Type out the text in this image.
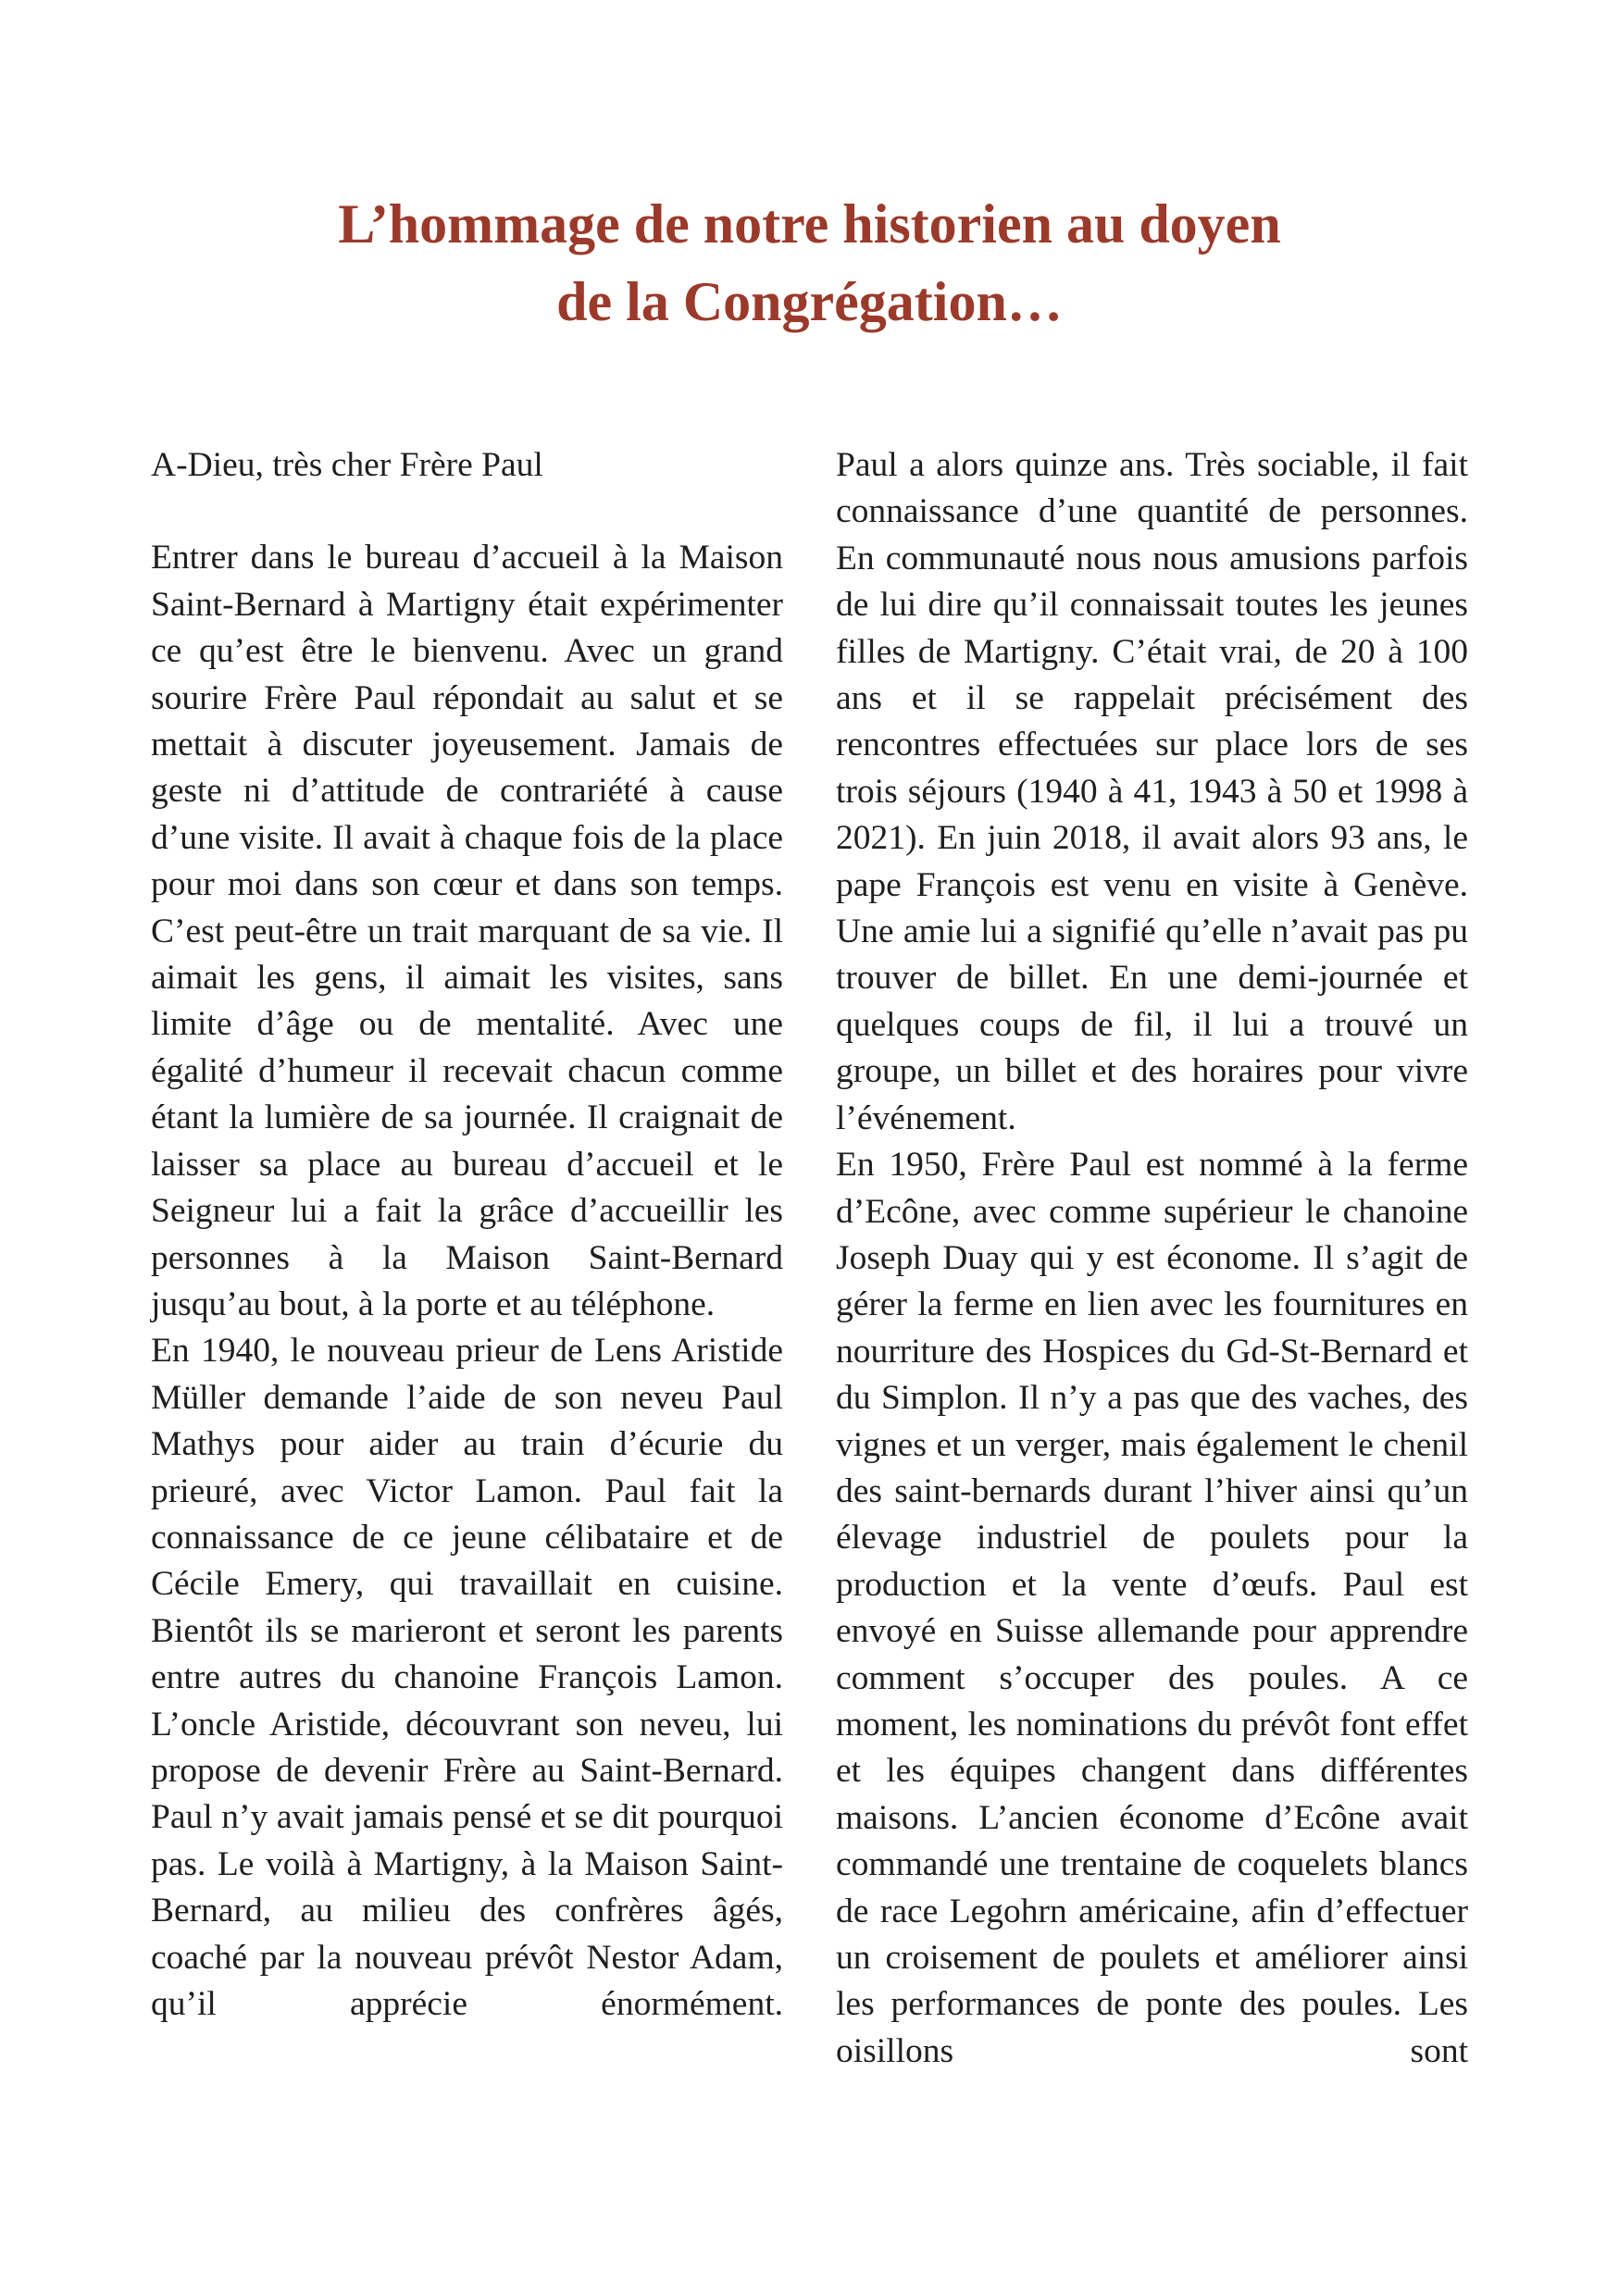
L’hommage de notre historien au doyen
de la Congrégation…

A-Dieu, très cher Frère Paul

Entrer dans le bureau d’accueil à la Maison Saint-Bernard à Martigny était expérimenter ce qu’est être le bienvenu. Avec un grand sourire Frère Paul répondait au salut et se mettait à discuter joyeusement. Jamais de geste ni d’attitude de contrariété à cause d’une visite. Il avait à chaque fois de la place pour moi dans son cœur et dans son temps. C’est peut-être un trait marquant de sa vie. Il aimait les gens, il aimait les visites, sans limite d’âge ou de mentalité. Avec une égalité d’humeur il recevait chacun comme étant la lumière de sa journée. Il craignait de laisser sa place au bureau d’accueil et le Seigneur lui a fait la grâce d’accueillir les personnes à la Maison Saint-Bernard jusqu’au bout, à la porte et au téléphone.

En 1940, le nouveau prieur de Lens Aristide Müller demande l’aide de son neveu Paul Mathys pour aider au train d’écurie du prieuré, avec Victor Lamon. Paul fait la connaissance de ce jeune célibataire et de Cécile Emery, qui travaillait en cuisine. Bientôt ils se marieront et seront les parents entre autres du chanoine François Lamon. L’oncle Aristide, découvrant son neveu, lui propose de devenir Frère au Saint-Bernard. Paul n’y avait jamais pensé et se dit pourquoi pas. Le voilà à Martigny, à la Maison Saint-Bernard, au milieu des confrères âgés, coaché par la nouveau prévôt Nestor Adam, qu’il apprécie énormément.

Paul a alors quinze ans. Très sociable, il fait connaissance d’une quantité de personnes. En communauté nous nous amusions parfois de lui dire qu’il connaissait toutes les jeunes filles de Martigny. C’était vrai, de 20 à 100 ans et il se rappelait précisément des rencontres effectuées sur place lors de ses trois séjours (1940 à 41, 1943 à 50 et 1998 à 2021). En juin 2018, il avait alors 93 ans, le pape François est venu en visite à Genève. Une amie lui a signifié qu’elle n’avait pas pu trouver de billet. En une demi-journée et quelques coups de fil, il lui a trouvé un groupe, un billet et des horaires pour vivre l’événement.

En 1950, Frère Paul est nommé à la ferme d’Ecône, avec comme supérieur le chanoine Joseph Duay qui y est économe. Il s’agit de gérer la ferme en lien avec les fournitures en nourriture des Hospices du Gd-St-Bernard et du Simplon. Il n’y a pas que des vaches, des vignes et un verger, mais également le chenil des saint-bernards durant l’hiver ainsi qu’un élevage industriel de poulets pour la production et la vente d’œufs. Paul est envoyé en Suisse allemande pour apprendre comment s’occuper des poules. A ce moment, les nominations du prévôt font effet et les équipes changent dans différentes maisons. L’ancien économe d’Ecône avait commandé une trentaine de coquelets blancs de race Legohrn américaine, afin d’effectuer un croisement de poulets et améliorer ainsi les performances de ponte des poules. Les oisillons sont
